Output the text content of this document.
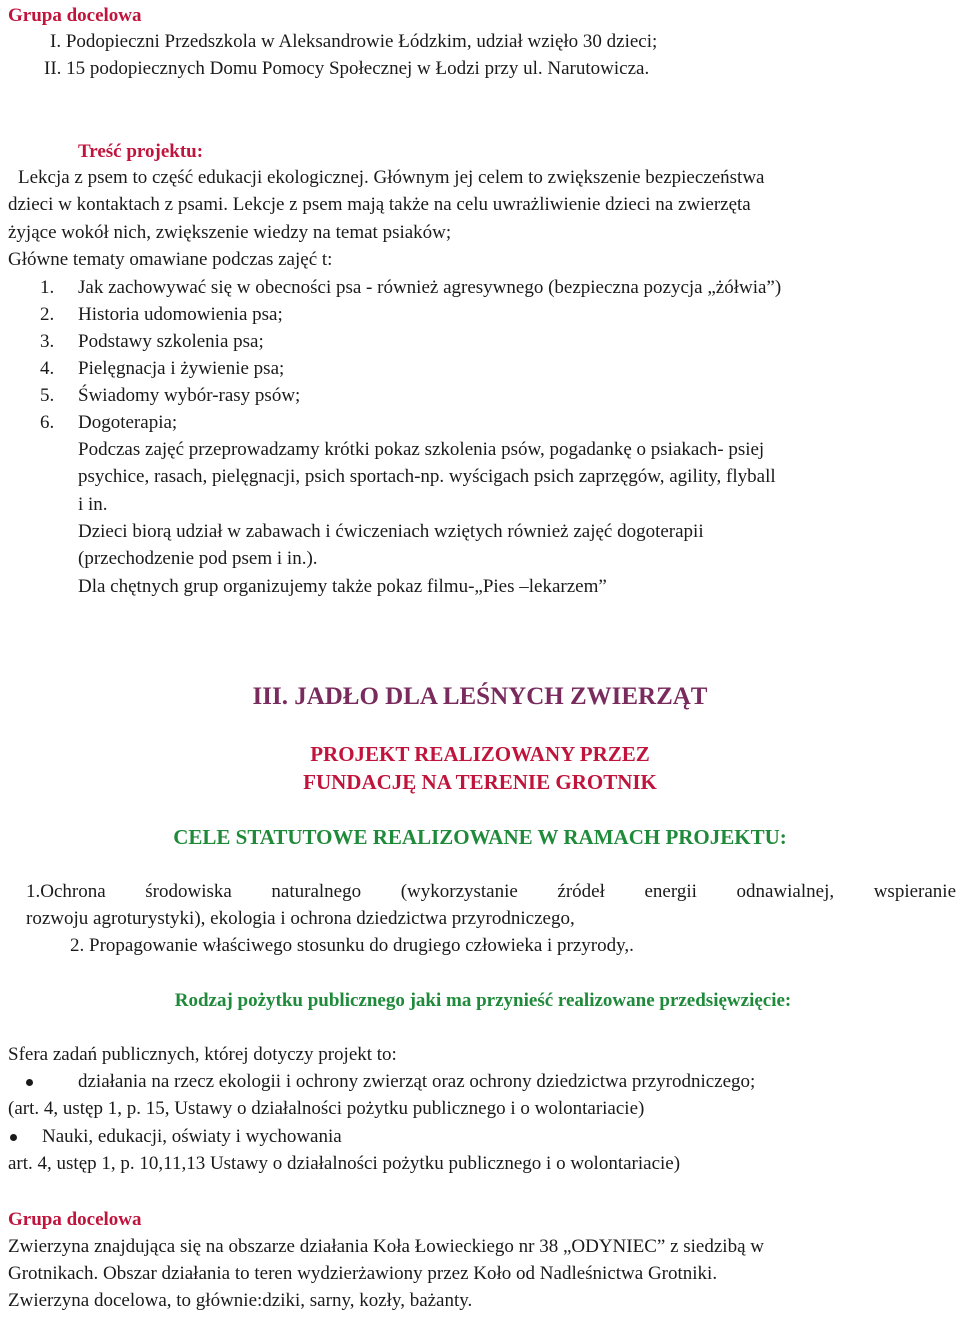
Grupa docelowa
I. Podopieczni Przedszkola w Aleksandrowie Łódzkim, udział wzięło 30 dzieci;
II. 15 podopiecznych Domu Pomocy Społecznej w Łodzi przy ul. Narutowicza.
Treść projektu:
Lekcja z psem to część edukacji ekologicznej. Głównym jej celem to zwiększenie bezpieczeństwa
dzieci w kontaktach z psami. Lekcje z psem mają także na celu uwrażliwienie dzieci na zwierzęta
żyjące wokół nich, zwiększenie wiedzy na temat psiaków;
Główne tematy omawiane podczas zajęć t:
1. Jak zachowywać się w obecności psa - również agresywnego (bezpieczna pozycja „żółwia”)
2. Historia udomowienia psa;
3. Podstawy szkolenia psa;
4. Pielęgnacja i żywienie psa;
5. Świadomy wybór-rasy psów;
6. Dogoterapia;
Podczas zajęć przeprowadzamy krótki pokaz szkolenia psów, pogadankę o psiakach- psiej
psychice, rasach, pielęgnacji, psich sportach-np. wyścigach psich zaprzęgów, agility, flyball
i in.
Dzieci biorą udział w zabawach i ćwiczeniach wziętych również zajęć dogoterapii
(przechodzenie pod psem i in.).
Dla chętnych grup organizujemy także pokaz filmu-„Pies –lekarzem”
III. JADŁO DLA LEŚNYCH ZWIERZĄT
PROJEKT REALIZOWANY PRZEZ
FUNDACJĘ NA TERENIE GROTNIK
CELE STATUTOWE REALIZOWANE W RAMACH PROJEKTU:
1.Ochrona środowiska naturalnego (wykorzystanie źródeł energii odnawialnej, wspieranie
rozwoju agroturystyki), ekologia i ochrona dziedzictwa przyrodniczego,
2. Propagowanie właściwego stosunku do drugiego człowieka i przyrody,.
Rodzaj pożytku publicznego jaki ma przynieść realizowane przedsięwzięcie:
Sfera zadań publicznych, której dotyczy projekt to:
działania na rzecz ekologii i ochrony zwierząt oraz ochrony dziedzictwa przyrodniczego;
(art. 4, ustęp 1, p. 15, Ustawy o działalności pożytku publicznego i o wolontariacie)
Nauki, edukacji, oświaty i wychowania
art. 4, ustęp 1, p. 10,11,13 Ustawy o działalności pożytku publicznego i o wolontariacie)
Grupa docelowa
Zwierzyna znajdująca się na obszarze działania Koła Łowieckiego nr 38 „ODYNIEC” z siedzibą w
Grotnikach. Obszar działania to teren wydzierżawiony przez Koło od Nadleśnictwa Grotniki.
Zwierzyna docelowa, to głównie:dziki, sarny, kozły, bażanty.
